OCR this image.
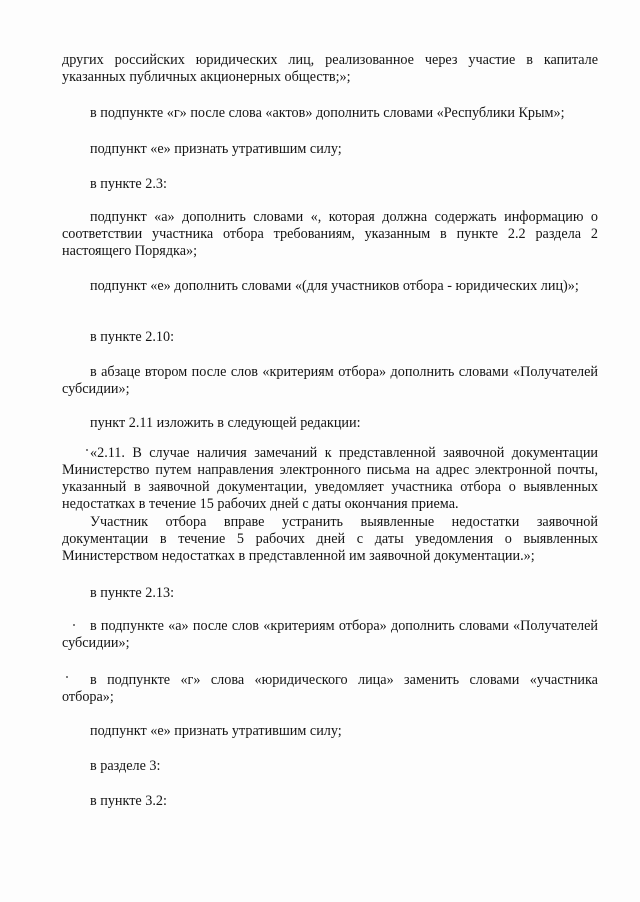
других российских юридических лиц, реализованное через участие в капитале указанных публичных акционерных обществ;»;

в подпункте «г» после слова «актов» дополнить словами «Республики Крым»;

подпункт «е» признать утратившим силу;

в пункте 2.3:

подпункт «а» дополнить словами «, которая должна содержать информацию о соответствии участника отбора требованиям, указанным в пункте 2.2 раздела 2 настоящего Порядка»;

подпункт «е» дополнить словами «(для участников отбора - юридических лиц)»;

в пункте 2.10:

в абзаце втором после слов «критериям отбора» дополнить словами «Получателей субсидии»;

пункт 2.11 изложить в следующей редакции:

«2.11. В случае наличия замечаний к представленной заявочной документации Министерство путем направления электронного письма на адрес электронной почты, указанный в заявочной документации, уведомляет участника отбора о выявленных недостатках в течение 15 рабочих дней с даты окончания приема.

Участник отбора вправе устранить выявленные недостатки заявочной документации в течение 5 рабочих дней с даты уведомления о выявленных Министерством недостатках в представленной им заявочной документации.»;

в пункте 2.13:

в подпункте «а» после слов «критериям отбора» дополнить словами «Получателей субсидии»;

в подпункте «г» слова «юридического лица» заменить словами «участника отбора»;

подпункт «е» признать утратившим силу;

в разделе 3:

в пункте 3.2:
